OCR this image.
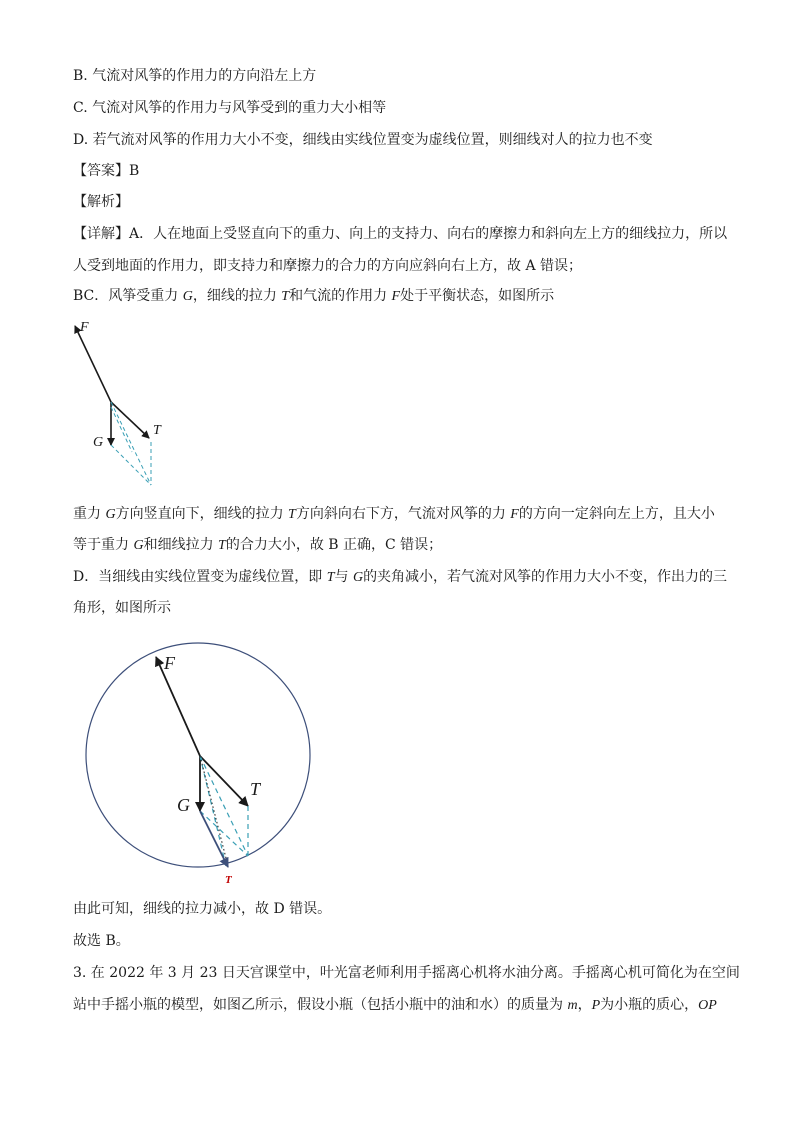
B. 气流对风筝的作用力的方向沿左上方
C. 气流对风筝的作用力与风筝受到的重力大小相等
D. 若气流对风筝的作用力大小不变，细线由实线位置变为虚线位置，则细线对人的拉力也不变
【答案】B
【解析】
【详解】A．人在地面上受竖直向下的重力、向上的支持力、向右的摩擦力和斜向左上方的细线拉力，所以
人受到地面的作用力，即支持力和摩擦力的合力的方向应斜向右上方，故 A 错误；
BC．风筝受重力 G，细线的拉力 T和气流的作用力 F处于平衡状态，如图所示
F
G
T
重力 G方向竖直向下，细线的拉力 T方向斜向右下方，气流对风筝的力 F的方向一定斜向左上方，且大小
等于重力 G和细线拉力 T的合力大小，故 B 正确，C 错误；
D．当细线由实线位置变为虚线位置，即 T与 G的夹角减小，若气流对风筝的作用力大小不变，作出力的三
角形，如图所示
F
G
T
T
由此可知，细线的拉力减小，故 D 错误。
故选 B。
3. 在 2022 年 3 月 23 日天宫课堂中，叶光富老师利用手摇离心机将水油分离。手摇离心机可简化为在空间
站中手摇小瓶的模型，如图乙所示，假设小瓶（包括小瓶中的油和水）的质量为 m，P为小瓶的质心，OP
